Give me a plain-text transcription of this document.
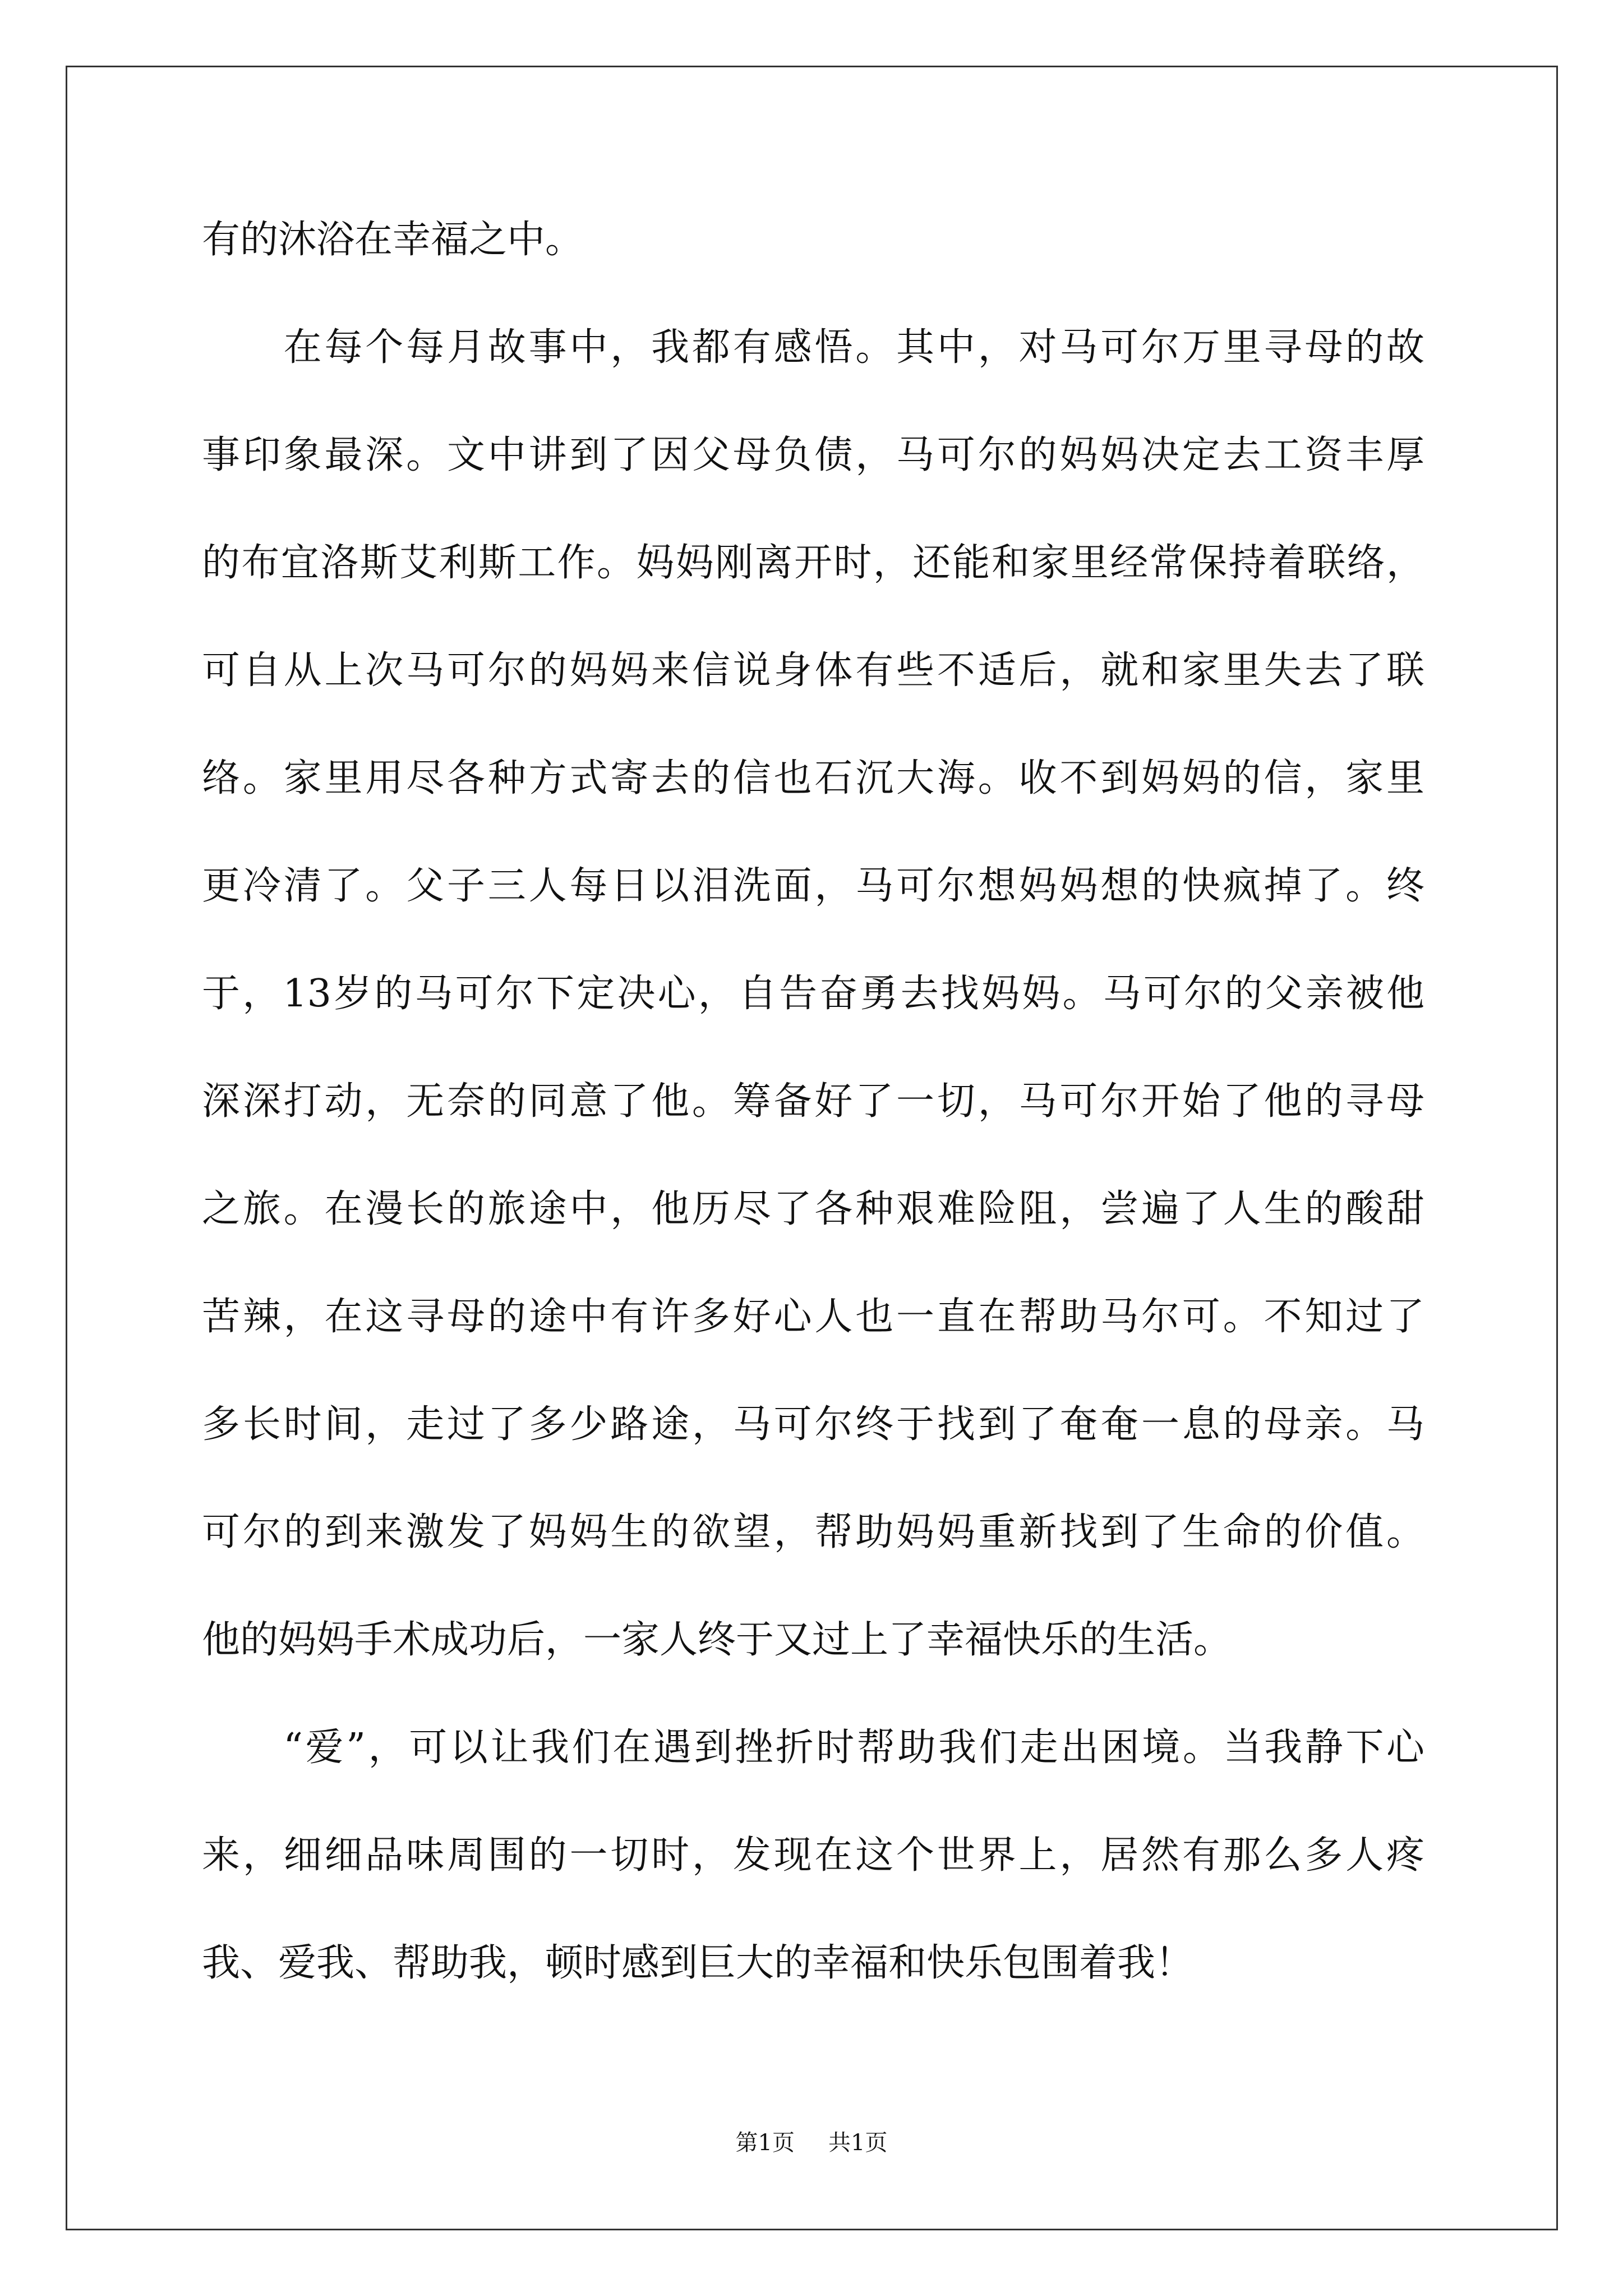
有的沐浴在幸福之中。
　　在每个每月故事中，我都有感悟。其中，对马可尔万里寻母的故
事印象最深。文中讲到了因父母负债，马可尔的妈妈决定去工资丰厚
的布宜洛斯艾利斯工作。妈妈刚离开时，还能和家里经常保持着联络，
可自从上次马可尔的妈妈来信说身体有些不适后，就和家里失去了联
络。家里用尽各种方式寄去的信也石沉大海。收不到妈妈的信，家里
更冷清了。父子三人每日以泪洗面，马可尔想妈妈想的快疯掉了。终
于，13岁的马可尔下定决心，自告奋勇去找妈妈。马可尔的父亲被他
深深打动，无奈的同意了他。筹备好了一切，马可尔开始了他的寻母
之旅。在漫长的旅途中，他历尽了各种艰难险阻，尝遍了人生的酸甜
苦辣，在这寻母的途中有许多好心人也一直在帮助马尔可。不知过了
多长时间，走过了多少路途，马可尔终于找到了奄奄一息的母亲。马
可尔的到来激发了妈妈生的欲望，帮助妈妈重新找到了生命的价值。
他的妈妈手术成功后，一家人终于又过上了幸福快乐的生活。
　　“爱”，可以让我们在遇到挫折时帮助我们走出困境。当我静下心
来，细细品味周围的一切时，发现在这个世界上，居然有那么多人疼
我、爱我、帮助我，顿时感到巨大的幸福和快乐包围着我！
第1页 共1页
